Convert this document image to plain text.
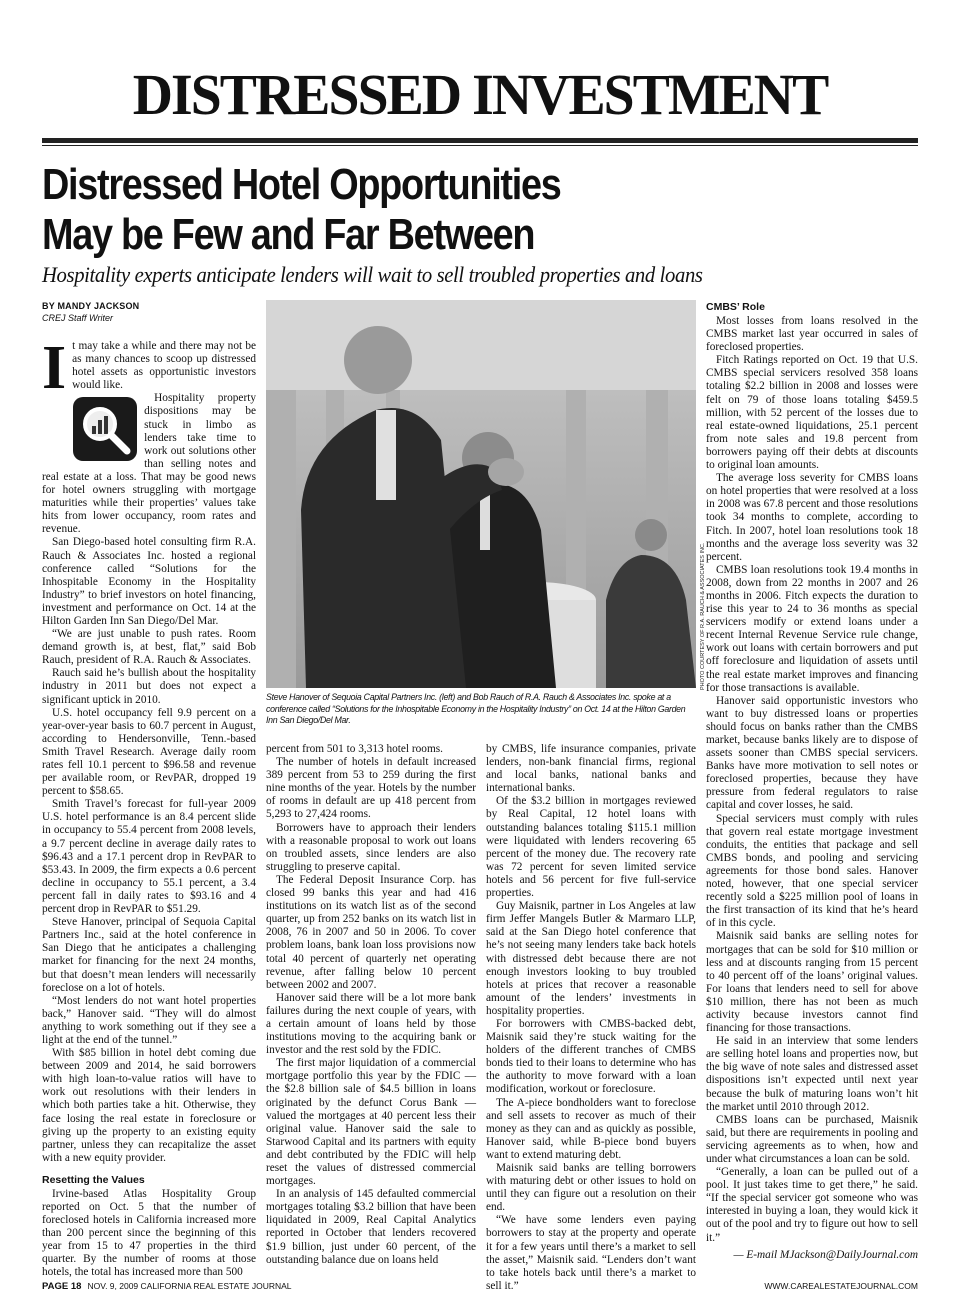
DISTRESSED INVESTMENT
Distressed Hotel Opportunities
May be Few and Far Between
Hospitality experts anticipate lenders will wait to sell troubled properties and loans
BY MANDY JACKSON
CREJ Staff Writer

It may take a while and there may not be as many chances to scoop up distressed hotel assets as opportunistic investors would like.

Hospitality property dispositions may be stuck in limbo as lenders take time to work out solutions other than selling notes and real estate at a loss. That may be good news for hotel owners struggling with mortgage maturities while their properties’ values take hits from lower occupancy, room rates and revenue.

San Diego-based hotel consulting firm R.A. Rauch & Associates Inc. hosted a regional conference called “Solutions for the Inhospitable Economy in the Hospitality Industry” to brief investors on hotel financing, investment and performance on Oct. 14 at the Hilton Garden Inn San Diego/Del Mar.

“We are just unable to push rates. Room demand growth is, at best, flat,” said Bob Rauch, president of R.A. Rauch & Associates.

Rauch said he’s bullish about the hospitality industry in 2011 but does not expect a significant uptick in 2010.

U.S. hotel occupancy fell 9.9 percent on a year-over-year basis to 60.7 percent in August, according to Hendersonville, Tenn.-based Smith Travel Research. Average daily room rates fell 10.1 percent to $96.58 and revenue per available room, or RevPAR, dropped 19 percent to $58.65.

Smith Travel’s forecast for full-year 2009 U.S. hotel performance is an 8.4 percent slide in occupancy to 55.4 percent from 2008 levels, a 9.7 percent decline in average daily rates to $96.43 and a 17.1 percent drop in RevPAR to $53.43. In 2009, the firm expects a 0.6 percent decline in occupancy to 55.1 percent, a 3.4 percent fall in daily rates to $93.16 and 4 percent drop in RevPAR to $51.29.

Steve Hanover, principal of Sequoia Capital Partners Inc., said at the hotel conference in San Diego that he anticipates a challenging market for financing for the next 24 months, but that doesn’t mean lenders will necessarily foreclose on a lot of hotels.

“Most lenders do not want hotel properties back,” Hanover said. “They will do almost anything to work something out if they see a light at the end of the tunnel.”

With $85 billion in hotel debt coming due between 2009 and 2014, he said borrowers with high loan-to-value ratios will have to work out resolutions with their lenders in which both parties take a hit. Otherwise, they face losing the real estate in foreclosure or giving up the property to an existing equity partner, unless they can recapitalize the asset with a new equity provider.

Resetting the Values

Irvine-based Atlas Hospitality Group reported on Oct. 5 that the number of foreclosed hotels in California increased more than 200 percent since the beginning of this year from 15 to 47 properties in the third quarter. By the number of rooms at those hotels, the total has increased more than 500

PHOTO COURTESY OF R.A. RAUCH & ASSOCIATES INC.
Steve Hanover of Sequoia Capital Partners Inc. (left) and Bob Rauch of R.A. Rauch & Associates Inc. spoke at a conference called “Solutions for the Inhospitable Economy in the Hospitality Industry” on Oct. 14 at the Hilton Garden Inn San Diego/Del Mar.

percent from 501 to 3,313 hotel rooms.

The number of hotels in default increased 389 percent from 53 to 259 during the first nine months of the year. Hotels by the number of rooms in default are up 418 percent from 5,293 to 27,424 rooms.

Borrowers have to approach their lenders with a reasonable proposal to work out loans on troubled assets, since lenders are also struggling to preserve capital.

The Federal Deposit Insurance Corp. has closed 99 banks this year and had 416 institutions on its watch list as of the second quarter, up from 252 banks on its watch list in 2008, 76 in 2007 and 50 in 2006. To cover problem loans, bank loan loss provisions now total 40 percent of quarterly net operating revenue, after falling below 10 percent between 2002 and 2007.

Hanover said there will be a lot more bank failures during the next couple of years, with a certain amount of loans held by those institutions moving to the acquiring bank or investor and the rest sold by the FDIC.

The first major liquidation of a commercial mortgage portfolio this year by the FDIC — the $2.8 billion sale of $4.5 billion in loans originated by the defunct Corus Bank — valued the mortgages at 40 percent less their original value. Hanover said the sale to Starwood Capital and its partners with equity and debt contributed by the FDIC will help reset the values of distressed commercial mortgages.

In an analysis of 145 defaulted commercial mortgages totaling $3.2 billion that have been liquidated in 2009, Real Capital Analytics reported in October that lenders recovered $1.9 billion, just under 60 percent, of the outstanding balance due on loans held

by CMBS, life insurance companies, private lenders, non-bank financial firms, regional and local banks, national banks and international banks.

Of the $3.2 billion in mortgages reviewed by Real Capital, 12 hotel loans with outstanding balances totaling $115.1 million were liquidated with lenders recovering 65 percent of the money due. The recovery rate was 72 percent for seven limited service hotels and 56 percent for five full-service properties.

Guy Maisnik, partner in Los Angeles at law firm Jeffer Mangels Butler & Marmaro LLP, said at the San Diego hotel conference that he’s not seeing many lenders take back hotels with distressed debt because there are not enough investors looking to buy troubled hotels at prices that recover a reasonable amount of the lenders’ investments in hospitality properties.

For borrowers with CMBS-backed debt, Maisnik said they’re stuck waiting for the holders of the different tranches of CMBS bonds tied to their loans to determine who has the authority to move forward with a loan modification, workout or foreclosure.

The A-piece bondholders want to foreclose and sell assets to recover as much of their money as they can and as quickly as possible, Hanover said, while B-piece bond buyers want to extend maturing debt.

Maisnik said banks are telling borrowers with maturing debt or other issues to hold on until they can figure out a resolution on their end.

“We have some lenders even paying borrowers to stay at the property and operate it for a few years until there’s a market to sell the asset,” Maisnik said. “Lenders don’t want to take hotels back until there’s a market to sell it.”

CMBS’ Role

Most losses from loans resolved in the CMBS market last year occurred in sales of foreclosed properties.

Fitch Ratings reported on Oct. 19 that U.S. CMBS special servicers resolved 358 loans totaling $2.2 billion in 2008 and losses were felt on 79 of those loans totaling $459.5 million, with 52 percent of the losses due to real estate-owned liquidations, 25.1 percent from note sales and 19.8 percent from borrowers paying off their debts at discounts to original loan amounts.

The average loss severity for CMBS loans on hotel properties that were resolved at a loss in 2008 was 67.8 percent and those resolutions took 34 months to complete, according to Fitch. In 2007, hotel loan resolutions took 18 months and the average loss severity was 32 percent.

CMBS loan resolutions took 19.4 months in 2008, down from 22 months in 2007 and 26 months in 2006. Fitch expects the duration to rise this year to 24 to 36 months as special servicers modify or extend loans under a recent Internal Revenue Service rule change, work out loans with certain borrowers and put off foreclosure and liquidation of assets until the real estate market improves and financing for those transactions is available.

Hanover said opportunistic investors who want to buy distressed loans or properties should focus on banks rather than the CMBS market, because banks likely are to dispose of assets sooner than CMBS special servicers. Banks have more motivation to sell notes or foreclosed properties, because they have pressure from federal regulators to raise capital and cover losses, he said.

Special servicers must comply with rules that govern real estate mortgage investment conduits, the entities that package and sell CMBS bonds, and pooling and servicing agreements for those bond sales. Hanover noted, however, that one special servicer recently sold a $225 million pool of loans in the first transaction of its kind that he’s heard of in this cycle.

Maisnik said banks are selling notes for mortgages that can be sold for $10 million or less and at discounts ranging from 15 percent to 40 percent off of the loans’ original values. For loans that lenders need to sell for above $10 million, there has not been as much activity because investors cannot find financing for those transactions.

He said in an interview that some lenders are selling hotel loans and properties now, but the big wave of note sales and distressed asset dispositions isn’t expected until next year because the bulk of maturing loans won’t hit the market until 2010 through 2012.

CMBS loans can be purchased, Maisnik said, but there are requirements in pooling and servicing agreements as to when, how and under what circumstances a loan can be sold.

“Generally, a loan can be pulled out of a pool. It just takes time to get there,” he said. “If the special servicer got someone who was interested in buying a loan, they would kick it out of the pool and try to figure out how to sell it.”

— E-mail MJackson@DailyJournal.com
PAGE 18 NOV. 9, 2009 CALIFORNIA REAL ESTATE JOURNAL	WWW.CAREALESTATEJOURNAL.COM
